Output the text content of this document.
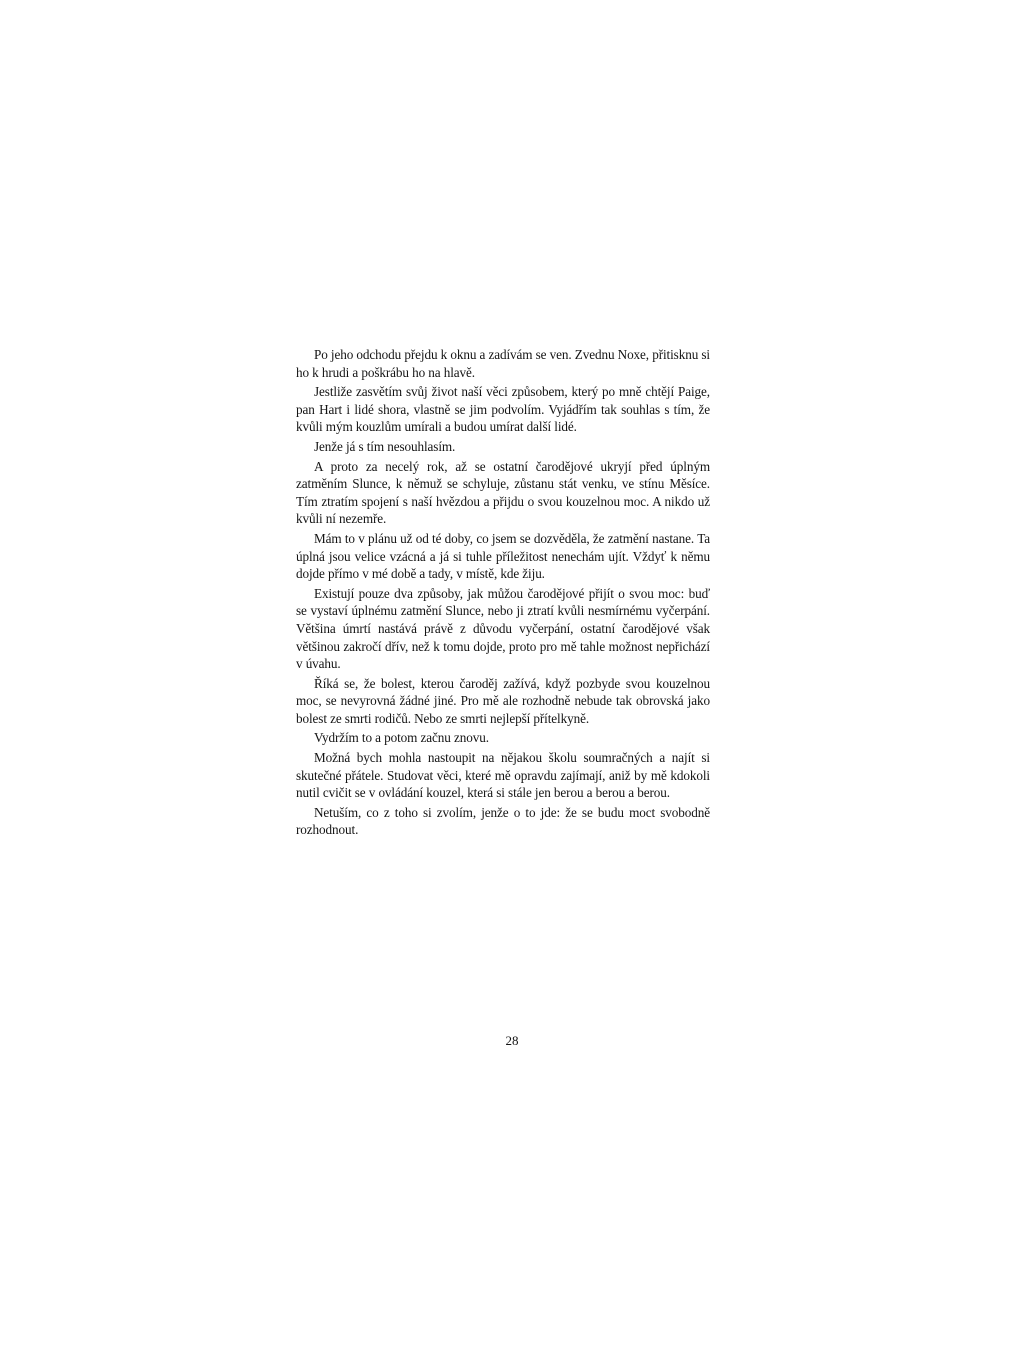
Po jeho odchodu přejdu k oknu a zadívám se ven. Zvednu Noxe, přitisknu si ho k hrudi a poškrábu ho na hlavě.

Jestliže zasvětím svůj život naší věci způsobem, který po mně chtějí Paige, pan Hart i lidé shora, vlastně se jim podvolím. Vyjádřím tak souhlas s tím, že kvůli mým kouzlům umírali a budou umírat další lidé.

Jenže já s tím nesouhlasím.

A proto za necelý rok, až se ostatní čarodějové ukryjí před úplným zatměním Slunce, k němuž se schyluje, zůstanu stát venku, ve stínu Měsíce. Tím ztratím spojení s naší hvězdou a přijdu o svou kouzelnou moc. A nikdo už kvůli ní nezemře.

Mám to v plánu už od té doby, co jsem se dozvěděla, že zatmění nastane. Ta úplná jsou velice vzácná a já si tuhle příležitost nenechám ujít. Vždyť k němu dojde přímo v mé době a tady, v místě, kde žiju.

Existují pouze dva způsoby, jak můžou čarodějové přijít o svou moc: buď se vystaví úplnému zatmění Slunce, nebo ji ztratí kvůli nesmírnému vyčerpání. Většina úmrtí nastává právě z důvodu vyčerpání, ostatní čarodějové však většinou zakročí dřív, než k tomu dojde, proto pro mě tahle možnost nepřichází v úvahu.

Říká se, že bolest, kterou čaroděj zažívá, když pozbyde svou kouzelnou moc, se nevyrovná žádné jiné. Pro mě ale rozhodně nebude tak obrovská jako bolest ze smrti rodičů. Nebo ze smrti nejlepší přítelkyně.

Vydržím to a potom začnu znovu.

Možná bych mohla nastoupit na nějakou školu soumračných a najít si skutečné přátele. Studovat věci, které mě opravdu zajímají, aniž by mě kdokoli nutil cvičit se v ovládání kouzel, která si stále jen berou a berou a berou.

Netuším, co z toho si zvolím, jenže o to jde: že se budu moct svobodně rozhodnout.

28
